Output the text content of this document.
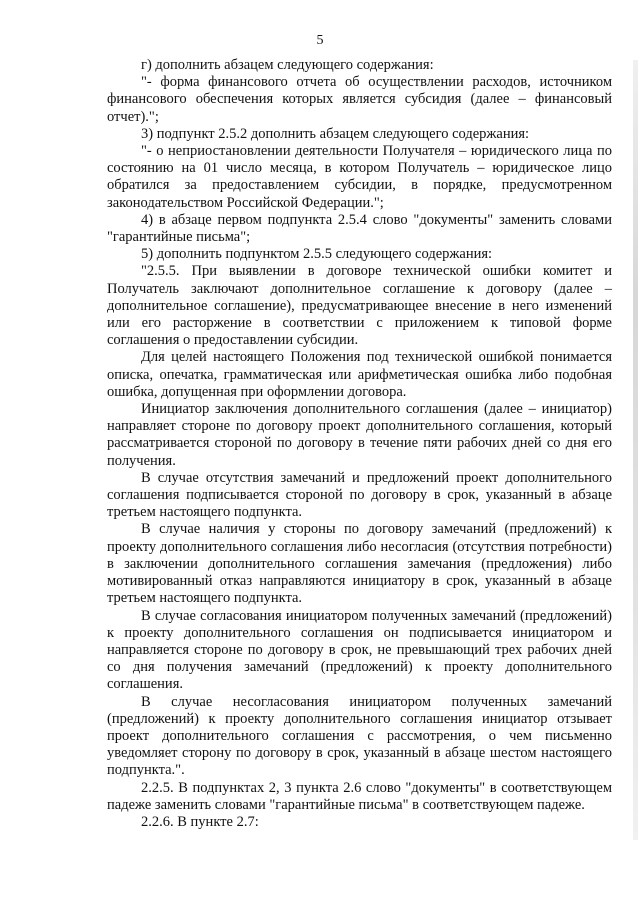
5

г) дополнить абзацем следующего содержания:

"- форма финансового отчета об осуществлении расходов, источником финансового обеспечения которых является субсидия (далее – финансовый отчет).";

3) подпункт 2.5.2 дополнить абзацем следующего содержания:

"- о неприостановлении деятельности Получателя – юридического лица по состоянию на 01 число месяца, в котором Получатель – юридическое лицо обратился за предоставлением субсидии, в порядке, предусмотренном законодательством Российской Федерации.";

4) в абзаце первом подпункта 2.5.4 слово "документы" заменить словами "гарантийные письма";

5) дополнить подпунктом 2.5.5 следующего содержания:

"2.5.5. При выявлении в договоре технической ошибки комитет и Получатель заключают дополнительное соглашение к договору (далее – дополнительное соглашение), предусматривающее внесение в него изменений или его расторжение в соответствии с приложением к типовой форме соглашения о предоставлении субсидии.

Для целей настоящего Положения под технической ошибкой понимается описка, опечатка, грамматическая или арифметическая ошибка либо подобная ошибка, допущенная при оформлении договора.

Инициатор заключения дополнительного соглашения (далее – инициатор) направляет стороне по договору проект дополнительного соглашения, который рассматривается стороной по договору в течение пяти рабочих дней со дня его получения.

В случае отсутствия замечаний и предложений проект дополнительного соглашения подписывается стороной по договору в срок, указанный в абзаце третьем настоящего подпункта.

В случае наличия у стороны по договору замечаний (предложений) к проекту дополнительного соглашения либо несогласия (отсутствия потребности) в заключении дополнительного соглашения замечания (предложения) либо мотивированный отказ направляются инициатору в срок, указанный в абзаце третьем настоящего подпункта.

В случае согласования инициатором полученных замечаний (предложений) к проекту дополнительного соглашения он подписывается инициатором и направляется стороне по договору в срок, не превышающий трех рабочих дней со дня получения замечаний (предложений) к проекту дополнительного соглашения.

В случае несогласования инициатором полученных замечаний (предложений) к проекту дополнительного соглашения инициатор отзывает проект дополнительного соглашения с рассмотрения, о чем письменно уведомляет сторону по договору в срок, указанный в абзаце шестом настоящего подпункта.".

2.2.5. В подпунктах 2, 3 пункта 2.6 слово "документы" в соответствующем падеже заменить словами "гарантийные письма" в соответствующем падеже.

2.2.6. В пункте 2.7:
